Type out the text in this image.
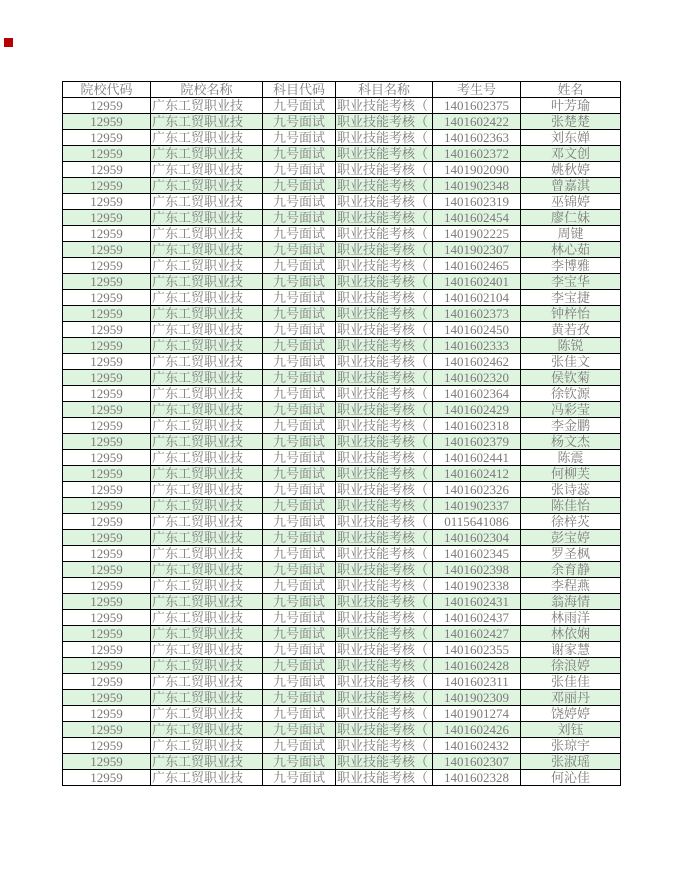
院校代码	院校名称	科目代码	科目名称	考生号	姓名
12959	广东工贸职业技	九号面试	职业技能考核（	1401602375	叶芳瑜
12959	广东工贸职业技	九号面试	职业技能考核（	1401602422	张楚楚
12959	广东工贸职业技	九号面试	职业技能考核（	1401602363	刘东婵
12959	广东工贸职业技	九号面试	职业技能考核（	1401602372	邓文创
12959	广东工贸职业技	九号面试	职业技能考核（	1401902090	姚秋婷
12959	广东工贸职业技	九号面试	职业技能考核（	1401902348	曾嘉淇
12959	广东工贸职业技	九号面试	职业技能考核（	1401602319	巫锦婷
12959	广东工贸职业技	九号面试	职业技能考核（	1401602454	廖仁妹
12959	广东工贸职业技	九号面试	职业技能考核（	1401902225	周键
12959	广东工贸职业技	九号面试	职业技能考核（	1401902307	林心茹
12959	广东工贸职业技	九号面试	职业技能考核（	1401602465	李博雅
12959	广东工贸职业技	九号面试	职业技能考核（	1401602401	李宝华
12959	广东工贸职业技	九号面试	职业技能考核（	1401602104	李宝捷
12959	广东工贸职业技	九号面试	职业技能考核（	1401602373	钟梓怡
12959	广东工贸职业技	九号面试	职业技能考核（	1401602450	黄若孜
12959	广东工贸职业技	九号面试	职业技能考核（	1401602333	陈锐
12959	广东工贸职业技	九号面试	职业技能考核（	1401602462	张佳文
12959	广东工贸职业技	九号面试	职业技能考核（	1401602320	侯钦菊
12959	广东工贸职业技	九号面试	职业技能考核（	1401602364	徐钦源
12959	广东工贸职业技	九号面试	职业技能考核（	1401602429	冯彩莹
12959	广东工贸职业技	九号面试	职业技能考核（	1401602318	李金鹏
12959	广东工贸职业技	九号面试	职业技能考核（	1401602379	杨文杰
12959	广东工贸职业技	九号面试	职业技能考核（	1401602441	陈震
12959	广东工贸职业技	九号面试	职业技能考核（	1401602412	何柳芙
12959	广东工贸职业技	九号面试	职业技能考核（	1401602326	张诗蕊
12959	广东工贸职业技	九号面试	职业技能考核（	1401902337	陈佳怡
12959	广东工贸职业技	九号面试	职业技能考核（	0115641086	徐梓苂
12959	广东工贸职业技	九号面试	职业技能考核（	1401602304	彭宝婷
12959	广东工贸职业技	九号面试	职业技能考核（	1401602345	罗圣枫
12959	广东工贸职业技	九号面试	职业技能考核（	1401602398	余育静
12959	广东工贸职业技	九号面试	职业技能考核（	1401902338	李程燕
12959	广东工贸职业技	九号面试	职业技能考核（	1401602431	翁海情
12959	广东工贸职业技	九号面试	职业技能考核（	1401602437	林雨洋
12959	广东工贸职业技	九号面试	职业技能考核（	1401602427	林依娴
12959	广东工贸职业技	九号面试	职业技能考核（	1401602355	谢家慧
12959	广东工贸职业技	九号面试	职业技能考核（	1401602428	徐浪婷
12959	广东工贸职业技	九号面试	职业技能考核（	1401602311	张佳佳
12959	广东工贸职业技	九号面试	职业技能考核（	1401902309	邓丽丹
12959	广东工贸职业技	九号面试	职业技能考核（	1401901274	饶婷婷
12959	广东工贸职业技	九号面试	职业技能考核（	1401602426	刘钰
12959	广东工贸职业技	九号面试	职业技能考核（	1401602432	张琼宇
12959	广东工贸职业技	九号面试	职业技能考核（	1401602307	张淑瑶
12959	广东工贸职业技	九号面试	职业技能考核（	1401602328	何沁佳
